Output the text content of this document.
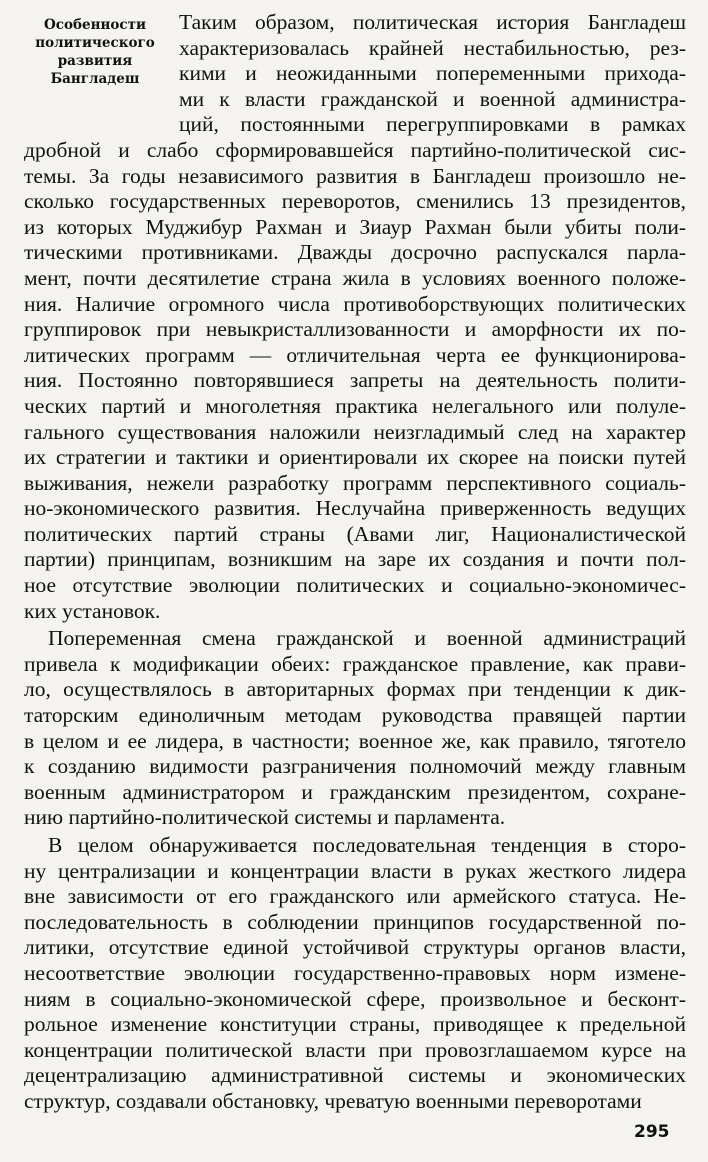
Особенности
политического
развития
Бангладеш
Таким образом, политическая история Бангладеш
характеризовалась крайней нестабильностью, рез-
кими и неожиданными попеременными прихода-
ми к власти гражданской и военной администра-
ций, постоянными перегруппировками в рамках
дробной и слабо сформировавшейся партийно-политической сис-
темы. За годы независимого развития в Бангладеш произошло не-
сколько государственных переворотов, сменились 13 президентов,
из которых Муджибур Рахман и Зиаур Рахман были убиты поли-
тическими противниками. Дважды досрочно распускался парла-
мент, почти десятилетие страна жила в условиях военного положе-
ния. Наличие огромного числа противоборствующих политических
группировок при невыкристаллизованности и аморфности их по-
литических программ — отличительная черта ее функционирова-
ния. Постоянно повторявшиеся запреты на деятельность полити-
ческих партий и многолетняя практика нелегального или полуле-
гального существования наложили неизгладимый след на характер
их стратегии и тактики и ориентировали их скорее на поиски путей
выживания, нежели разработку программ перспективного социаль-
но-экономического развития. Неслучайна приверженность ведущих
политических партий страны (Авами лиг, Националистической
партии) принципам, возникшим на заре их создания и почти пол-
ное отсутствие эволюции политических и социально-экономичес-
ких установок.
Попеременная смена гражданской и военной администраций
привела к модификации обеих: гражданское правление, как прави-
ло, осуществлялось в авторитарных формах при тенденции к дик-
таторским единоличным методам руководства правящей партии
в целом и ее лидера, в частности; военное же, как правило, тяготело
к созданию видимости разграничения полномочий между главным
военным администратором и гражданским президентом, сохране-
нию партийно-политической системы и парламента.
В целом обнаруживается последовательная тенденция в сторо-
ну централизации и концентрации власти в руках жесткого лидера
вне зависимости от его гражданского или армейского статуса. Не-
последовательность в соблюдении принципов государственной по-
литики, отсутствие единой устойчивой структуры органов власти,
несоответствие эволюции государственно-правовых норм измене-
ниям в социально-экономической сфере, произвольное и бесконт-
рольное изменение конституции страны, приводящее к предельной
концентрации политической власти при провозглашаемом курсе на
децентрализацию административной системы и экономических
структур, создавали обстановку, чреватую военными переворотами
295
